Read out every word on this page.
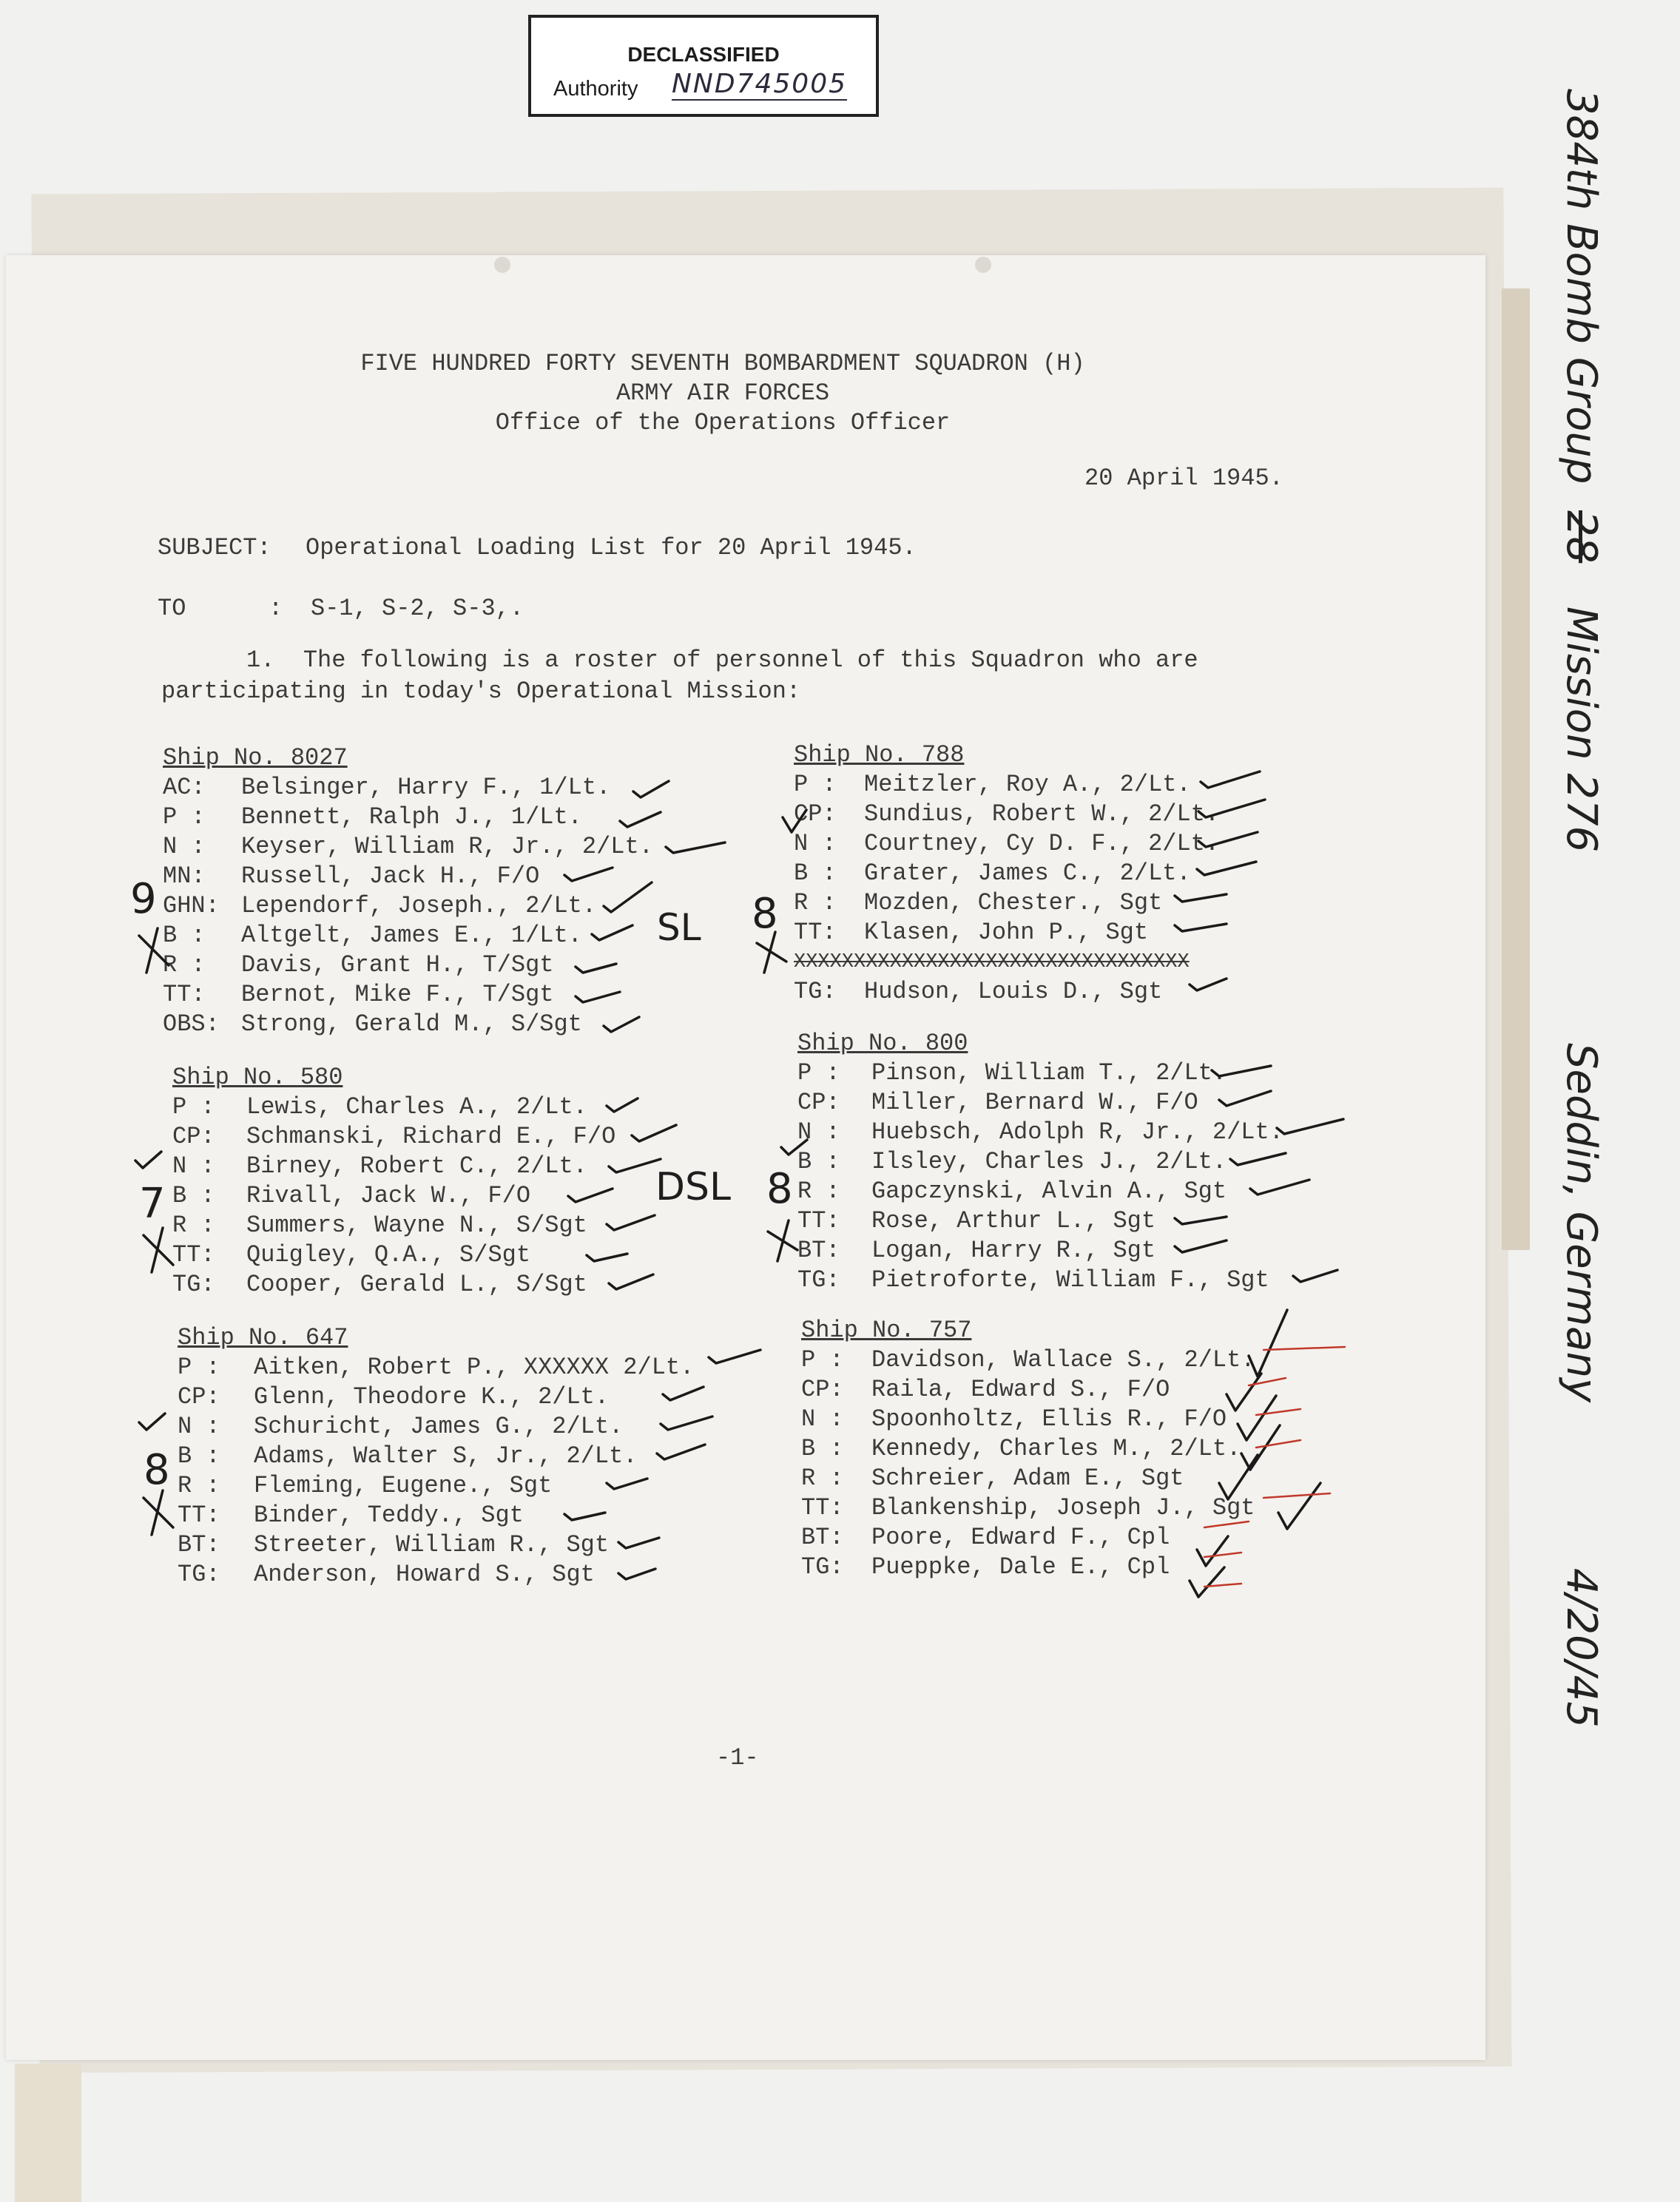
DECLASSIFIED
Authority NND745005
FIVE HUNDRED FORTY SEVENTH BOMBARDMENT SQUADRON (H)
ARMY AIR FORCES
Office of the Operations Officer
20 April 1945.
SUBJECT: Operational Loading List for 20 April 1945.
TO	: S-1, S-2, S-3,.
1.  The following is a roster of personnel of this Squadron who are
participating in today's Operational Mission:
Ship No. 8027
AC: Belsinger, Harry F., 1/Lt.
P : Bennett, Ralph J., 1/Lt.
N : Keyser, William R, Jr., 2/Lt.
MN: Russell, Jack H., F/O
GHN: Lependorf, Joseph., 2/Lt.
B : Altgelt, James E., 1/Lt.
R : Davis, Grant H., T/Sgt
TT: Bernot, Mike F., T/Sgt
OBS: Strong, Gerald M., S/Sgt
Ship No. 580
P : Lewis, Charles A., 2/Lt.
CP: Schmanski, Richard E., F/O
N : Birney, Robert C., 2/Lt.
B : Rivall, Jack W., F/O
R : Summers, Wayne N., S/Sgt
TT: Quigley, Q.A., S/Sgt
TG: Cooper, Gerald L., S/Sgt
Ship No. 647
P : Aitken, Robert P., XXXXXX 2/Lt.
CP: Glenn, Theodore K., 2/Lt.
N : Schuricht, James G., 2/Lt.
B : Adams, Walter S, Jr., 2/Lt.
R : Fleming, Eugene., Sgt
TT: Binder, Teddy., Sgt
BT: Streeter, William R., Sgt
TG: Anderson, Howard S., Sgt
Ship No. 788
P : Meitzler, Roy A., 2/Lt.
CP: Sundius, Robert W., 2/Lt.
N : Courtney, Cy D. F., 2/Lt.
B : Grater, James C., 2/Lt.
R : Mozden, Chester., Sgt
TT: Klasen, John P., Sgt
XXXXXXXXXXXXXXXXXXXXXXXXXXXXXXXXX
TG: Hudson, Louis D., Sgt
Ship No. 800
P : Pinson, William T., 2/Lt.
CP: Miller, Bernard W., F/O
N : Huebsch, Adolph R, Jr., 2/Lt.
B : Ilsley, Charles J., 2/Lt.
R : Gapczynski, Alvin A., Sgt
TT: Rose, Arthur L., Sgt
BT: Logan, Harry R., Sgt
TG: Pietroforte, William F., Sgt
Ship No. 757
P : Davidson, Wallace S., 2/Lt.
CP: Raila, Edward S., F/O
N : Spoonholtz, Ellis R., F/O
B : Kennedy, Charles M., 2/Lt.
R : Schreier, Adam E., Sgt
TT: Blankenship, Joseph J., Sgt
BT: Poore, Edward F., Cpl
TG: Pueppke, Dale E., Cpl
SL
DSL
9
7
8
8
8
-1-
384th Bomb Group
28
Mission 276
Seddin, Germany
4/20/45
